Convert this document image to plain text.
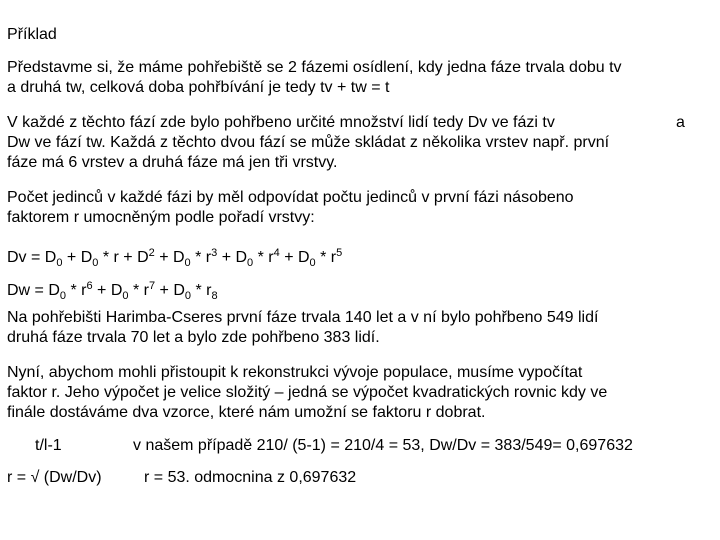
Příklad
Představme si, že máme pohřebiště se 2 fázemi osídlení, kdy jedna fáze trvala dobu tv
a druhá tw, celková doba pohřbívání je tedy tv + tw = t
V každé z těchto fází zde bylo pohřbeno určité množství lidí tedy Dv ve fázi tv	a
Dw ve fází tw. Každá z těchto dvou fází se může skládat z několika vrstev např. první
fáze má 6 vrstev a druhá fáze má jen tři vrstvy.
Počet jedinců v každé fázi by měl odpovídat počtu jedinců v první fázi násobeno
faktorem r umocněným podle pořadí vrstvy:
$Dv = D_0 + D_0 * r + D^2 + D_0 * r^3 + D_0 * r^4 + D_0 * r^5$
$Dw = D_0 * r^6 + D_0 * r^7 + D_0 * r_8$
Na pohřebišti Harimba-Cseres první fáze trvala 140 let a v ní bylo pohřbeno 549 lidí
druhá fáze trvala 70 let a bylo zde pohřbeno 383 lidí.
Nyní, abychom mohli přistoupit k rekonstrukci vývoje populace, musíme vypočítat
faktor r. Jeho výpočet je velice složitý – jedná se výpočet kvadratických rovnic kdy ve
finále dostáváme dva vzorce, které nám umožní se faktoru r dobrat.
t/l-1	v našem případě 210/ (5-1) = 210/4 = 53, Dw/Dv = 383/549= 0,697632
r = √ (Dw/Dv)	r = 53. odmocnina z 0,697632
